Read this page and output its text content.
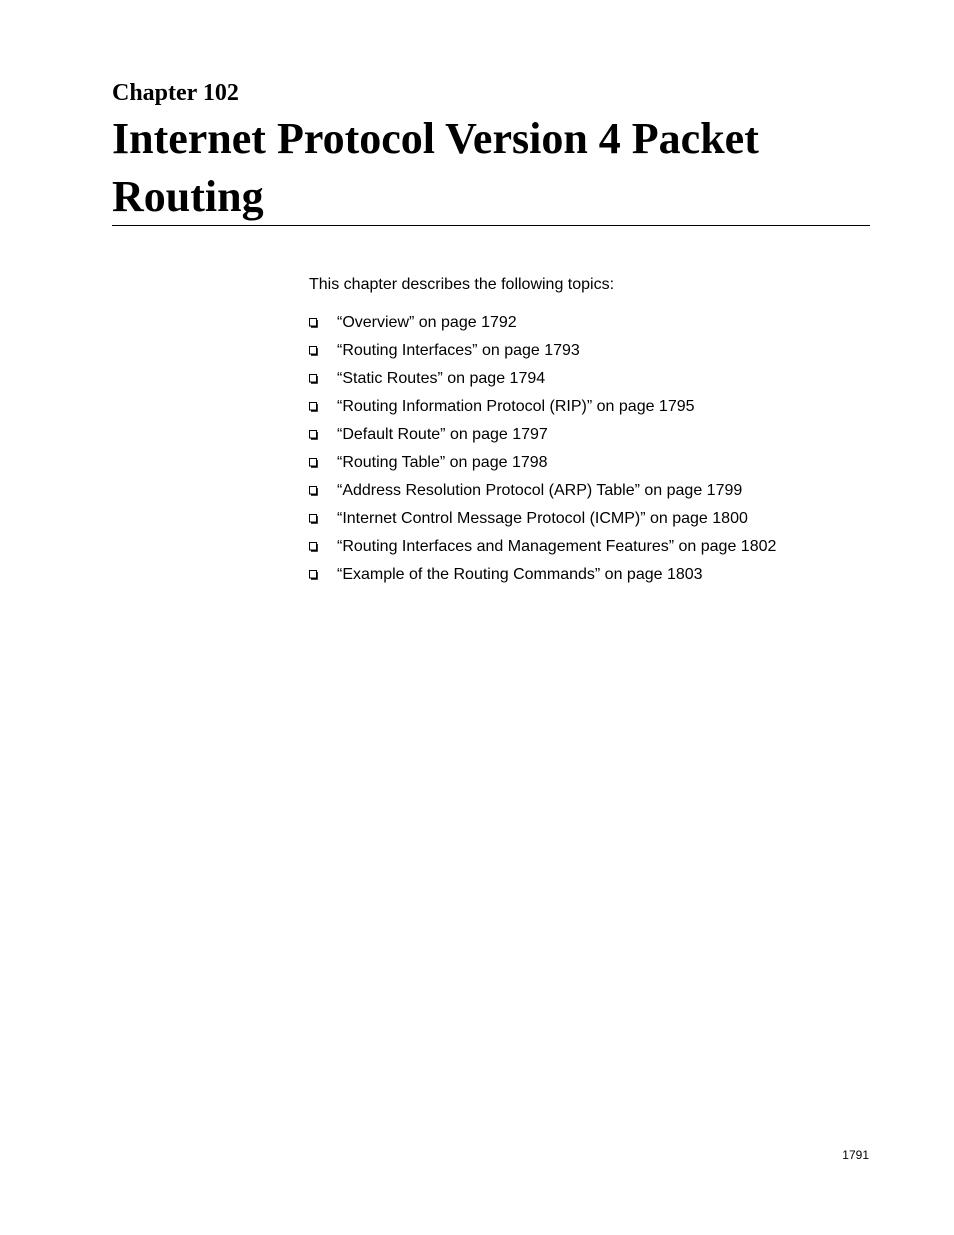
Chapter 102
Internet Protocol Version 4 Packet Routing
This chapter describes the following topics:
“Overview” on page 1792
“Routing Interfaces” on page 1793
“Static Routes” on page 1794
“Routing Information Protocol (RIP)” on page 1795
“Default Route” on page 1797
“Routing Table” on page 1798
“Address Resolution Protocol (ARP) Table” on page 1799
“Internet Control Message Protocol (ICMP)” on page 1800
“Routing Interfaces and Management Features” on page 1802
“Example of the Routing Commands” on page 1803
1791
